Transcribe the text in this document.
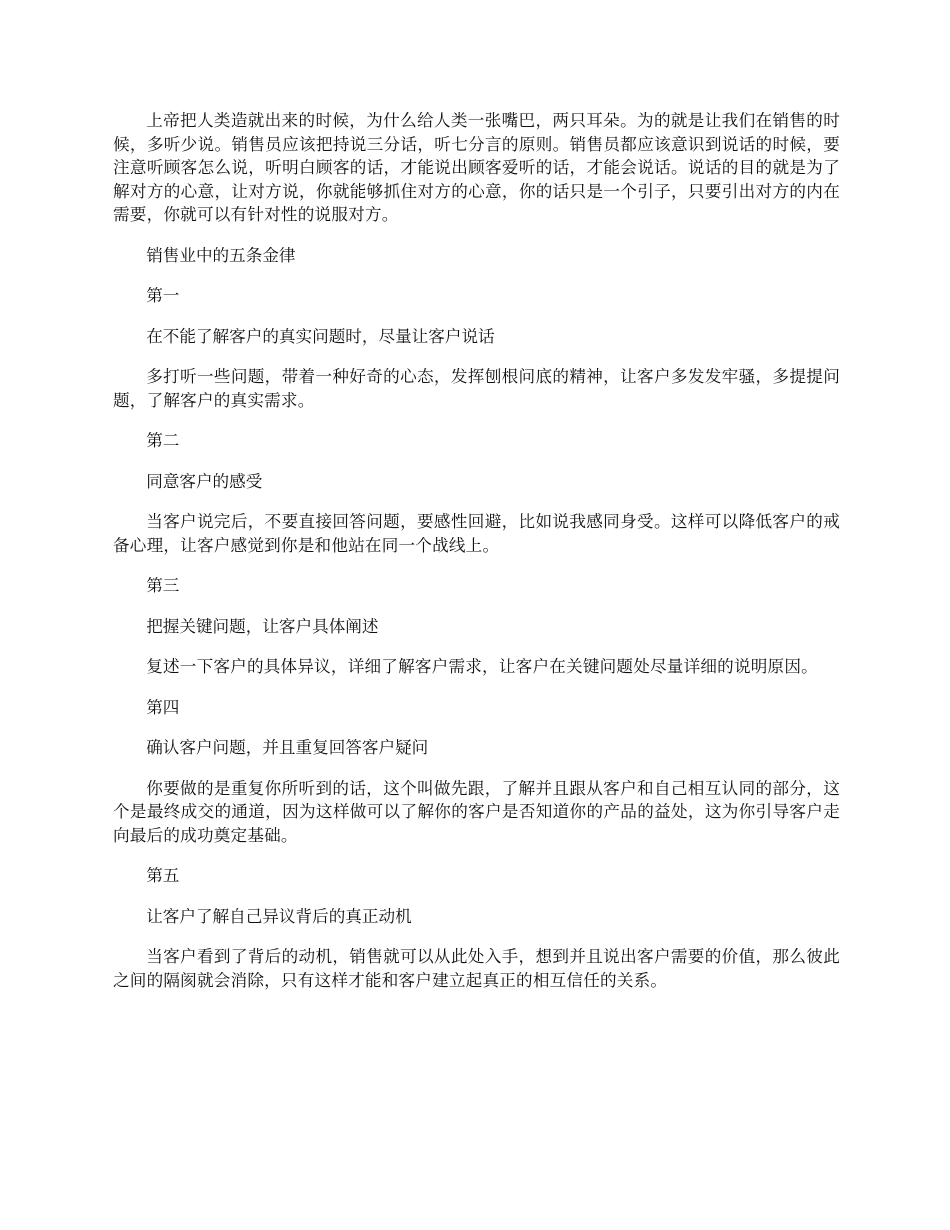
上帝把人类造就出来的时候，为什么给人类一张嘴巴，两只耳朵。为的就是让我们在销售的时候，多听少说。销售员应该把持说三分话，听七分言的原则。销售员都应该意识到说话的时候，要注意听顾客怎么说，听明白顾客的话，才能说出顾客爱听的话，才能会说话。说话的目的就是为了解对方的心意，让对方说，你就能够抓住对方的心意，你的话只是一个引子，只要引出对方的内在需要，你就可以有针对性的说服对方。

销售业中的五条金律

第一

在不能了解客户的真实问题时，尽量让客户说话

多打听一些问题，带着一种好奇的心态，发挥刨根问底的精神，让客户多发发牢骚，多提提问题，了解客户的真实需求。

第二

同意客户的感受

当客户说完后，不要直接回答问题，要感性回避，比如说我感同身受。这样可以降低客户的戒备心理，让客户感觉到你是和他站在同一个战线上。

第三

把握关键问题，让客户具体阐述

复述一下客户的具体异议，详细了解客户需求，让客户在关键问题处尽量详细的说明原因。

第四

确认客户问题，并且重复回答客户疑问

你要做的是重复你所听到的话，这个叫做先跟，了解并且跟从客户和自己相互认同的部分，这个是最终成交的通道，因为这样做可以了解你的客户是否知道你的产品的益处，这为你引导客户走向最后的成功奠定基础。

第五

让客户了解自己异议背后的真正动机

当客户看到了背后的动机，销售就可以从此处入手，想到并且说出客户需要的价值，那么彼此之间的隔阂就会消除，只有这样才能和客户建立起真正的相互信任的关系。
